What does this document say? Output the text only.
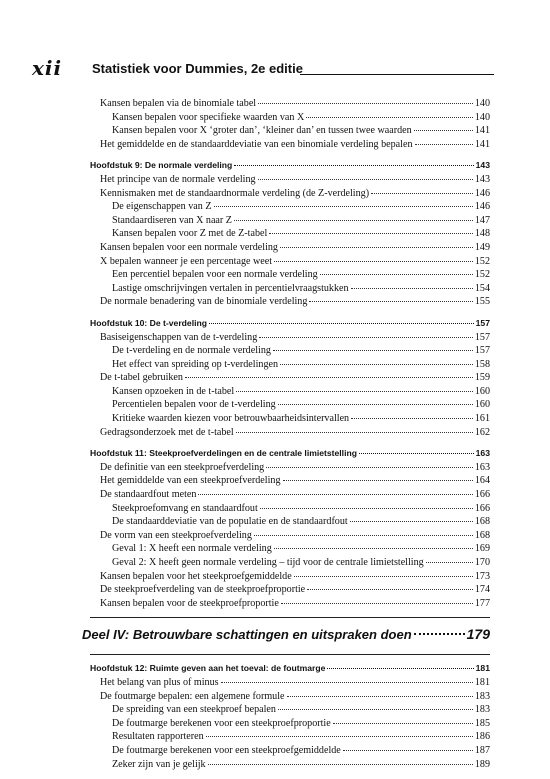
xii Statistiek voor Dummies, 2e editie
Kansen bepalen via de binomiale tabel	140
Kansen bepalen voor specifieke waarden van X	140
Kansen bepalen voor X ‘groter dan’, ‘kleiner dan’ en tussen twee waarden	141
Het gemiddelde en de standaarddeviatie van een binomiale verdeling bepalen	141
Hoofdstuk 9: De normale verdeling	143
Het principe van de normale verdeling	143
Kennismaken met de standaardnormale verdeling (de Z-verdeling)	146
De eigenschappen van Z	146
Standaardiseren van X naar Z	147
Kansen bepalen voor Z met de Z-tabel	148
Kansen bepalen voor een normale verdeling	149
X bepalen wanneer je een percentage weet	152
Een percentiel bepalen voor een normale verdeling	152
Lastige omschrijvingen vertalen in percentielvraagstukken	154
De normale benadering van de binomiale verdeling	155
Hoofdstuk 10: De t-verdeling	157
Basiseigenschappen van de t-verdeling	157
De t-verdeling en de normale verdeling	157
Het effect van spreiding op t-verdelingen	158
De t-tabel gebruiken	159
Kansen opzoeken in de t-tabel	160
Percentielen bepalen voor de t-verdeling	160
Kritieke waarden kiezen voor betrouwbaarheidsintervallen	161
Gedragsonderzoek met de t-tabel	162
Hoofdstuk 11: Steekproefverdelingen en de centrale limietstelling	163
De definitie van een steekproefverdeling	163
Het gemiddelde van een steekproefverdeling	164
De standaardfout meten	166
Steekproefomvang en standaardfout	166
De standaarddeviatie van de populatie en de standaardfout	168
De vorm van een steekproefverdeling	168
Geval 1: X heeft een normale verdeling	169
Geval 2: X heeft geen normale verdeling – tijd voor de centrale limietstelling	170
Kansen bepalen voor het steekproefgemiddelde	173
De steekproefverdeling van de steekproefproportie	174
Kansen bepalen voor de steekproefproportie	177
Deel IV: Betrouwbare schattingen en uitspraken doen	179
Hoofdstuk 12: Ruimte geven aan het toeval: de foutmarge	181
Het belang van plus of minus	181
De foutmarge bepalen: een algemene formule	183
De spreiding van een steekproef bepalen	183
De foutmarge berekenen voor een steekproefproportie	185
Resultaten rapporteren	186
De foutmarge berekenen voor een steekproefgemiddelde	187
Zeker zijn van je gelijk	189
